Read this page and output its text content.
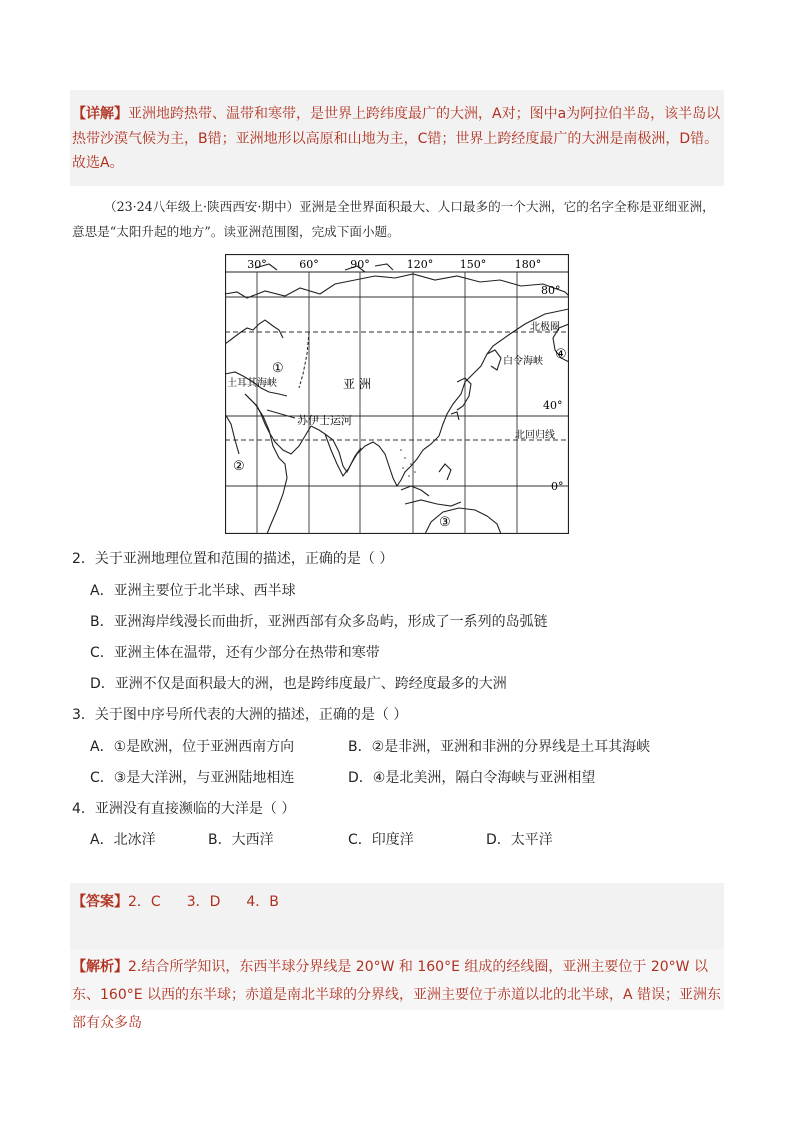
【详解】亚洲地跨热带、温带和寒带，是世界上跨纬度最广的大洲，A对；图中a为阿拉伯半岛，该半岛以热带沙漠气候为主，B错；亚洲地形以高原和山地为主，C错；世界上跨经度最广的大洲是南极洲，D错。故选A。
（23·24八年级上·陕西西安·期中）亚洲是全世界面积最大、人口最多的一个大洲，它的名字全称是亚细亚洲，意思是“太阳升起的地方”。读亚洲范围图，完成下面小题。
30°	60°	90°	120° 150°	180°
80°
40°
0°
北极圈
北回归线
白令海峡
土耳其海峡
苏伊士运河
亚 洲
①
②
③
④
2．关于亚洲地理位置和范围的描述，正确的是（ ）
A．亚洲主要位于北半球、西半球
B．亚洲海岸线漫长而曲折，亚洲西部有众多岛屿，形成了一系列的岛弧链
C．亚洲主体在温带，还有少部分在热带和寒带
D．亚洲不仅是面积最大的洲，也是跨纬度最广、跨经度最多的大洲
3．关于图中序号所代表的大洲的描述，正确的是（ ）
A．①是欧洲，位于亚洲西南方向	B．②是非洲，亚洲和非洲的分界线是土耳其海峡
C．③是大洋洲，与亚洲陆地相连	D．④是北美洲，隔白令海峡与亚洲相望
4．亚洲没有直接濒临的大洋是（ ）
A．北冰洋	B．大西洋	C．印度洋	D．太平洋
【答案】2．C 3．D 4．B
【解析】2.结合所学知识，东西半球分界线是 20°W 和 160°E 组成的经线圈，亚洲主要位于 20°W 以东、160°E 以西的东半球；赤道是南北半球的分界线，亚洲主要位于赤道以北的北半球，A 错误；亚洲东部有众多岛
